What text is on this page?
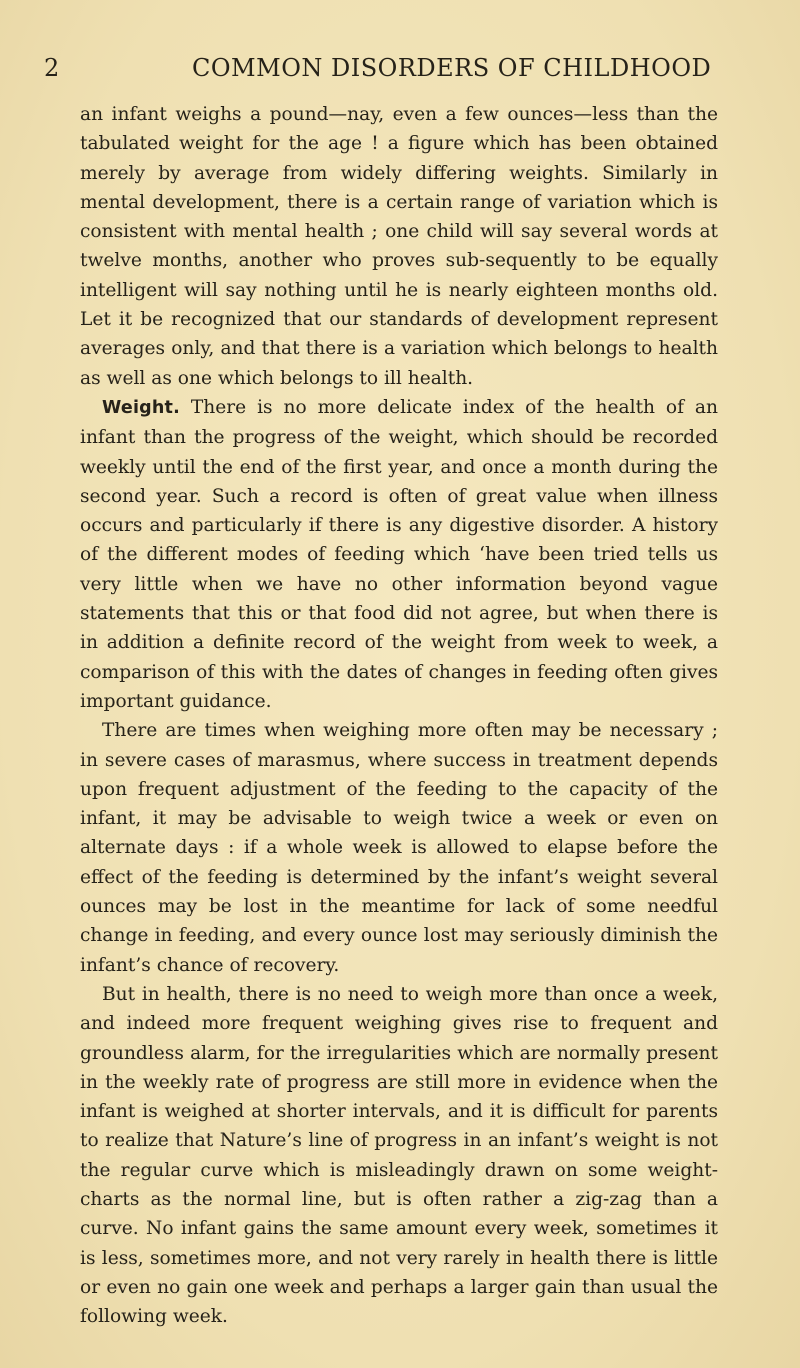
2	COMMON DISORDERS OF CHILDHOOD

an infant weighs a pound—nay, even a few ounces—less than the tabulated weight for the age ! a figure which has been obtained merely by average from widely differing weights. Similarly in mental development, there is a certain range of variation which is consistent with mental health ; one child will say several words at twelve months, another who proves sub-sequently to be equally intelligent will say nothing until he is nearly eighteen months old. Let it be recognized that our standards of development represent averages only, and that there is a variation which belongs to health as well as one which belongs to ill health.

Weight. There is no more delicate index of the health of an infant than the progress of the weight, which should be recorded weekly until the end of the first year, and once a month during the second year. Such a record is often of great value when illness occurs and particularly if there is any digestive disorder. A history of the different modes of feeding which ‘have been tried tells us very little when we have no other information beyond vague statements that this or that food did not agree, but when there is in addition a definite record of the weight from week to week, a comparison of this with the dates of changes in feeding often gives important guidance.

There are times when weighing more often may be necessary ; in severe cases of marasmus, where success in treatment depends upon frequent adjustment of the feeding to the capacity of the infant, it may be advisable to weigh twice a week or even on alternate days : if a whole week is allowed to elapse before the effect of the feeding is determined by the infant’s weight several ounces may be lost in the meantime for lack of some needful change in feeding, and every ounce lost may seriously diminish the infant’s chance of recovery.

But in health, there is no need to weigh more than once a week, and indeed more frequent weighing gives rise to frequent and groundless alarm, for the irregularities which are normally present in the weekly rate of progress are still more in evidence when the infant is weighed at shorter intervals, and it is difficult for parents to realize that Nature’s line of progress in an infant’s weight is not the regular curve which is misleadingly drawn on some weight-charts as the normal line, but is often rather a zig-zag than a curve. No infant gains the same amount every week, sometimes it is less, sometimes more, and not very rarely in health there is little or even no gain one week and perhaps a larger gain than usual the following week.
